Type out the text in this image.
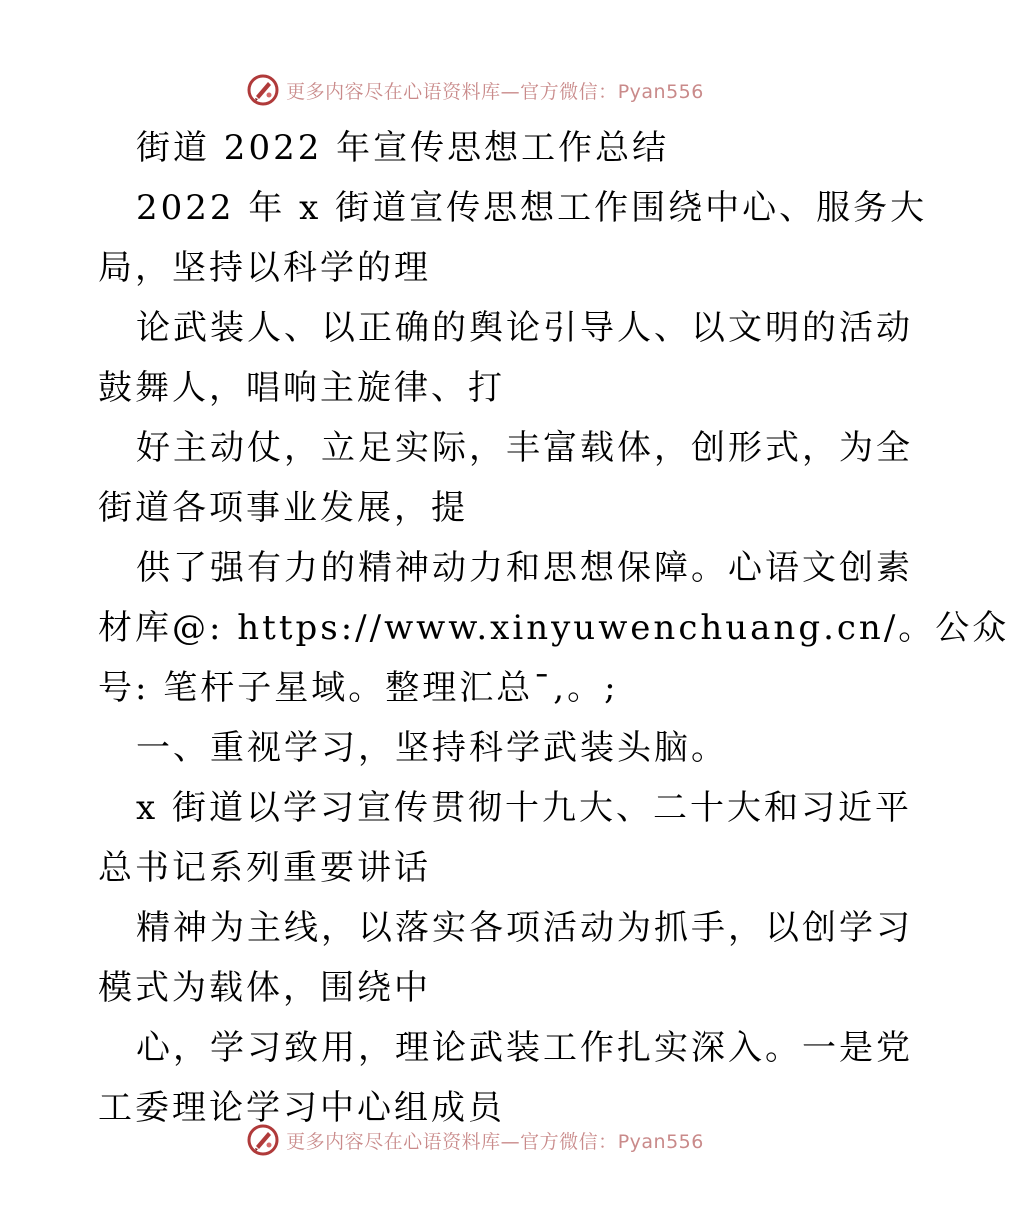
更多内容尽在心语资料库—官方微信：Pyan556
街道 2022 年宣传思想工作总结
2022 年 x 街道宣传思想工作围绕中心、服务大
局，坚持以科学的理
论武装人、以正确的舆论引导人、以文明的活动
鼓舞人，唱响主旋律、打
好主动仗，立足实际，丰富载体，创形式，为全
街道各项事业发展，提
供了强有力的精神动力和思想保障。心语文创素
材库@: https://www.xinyuwenchuang.cn/。公众
号: 笔杆子星域。整理汇总¯,。;
一、重视学习，坚持科学武装头脑。
x 街道以学习宣传贯彻十九大、二十大和习近平
总书记系列重要讲话
精神为主线，以落实各项活动为抓手，以创学习
模式为载体，围绕中
心，学习致用，理论武装工作扎实深入。一是党
工委理论学习中心组成员
更多内容尽在心语资料库—官方微信：Pyan556
